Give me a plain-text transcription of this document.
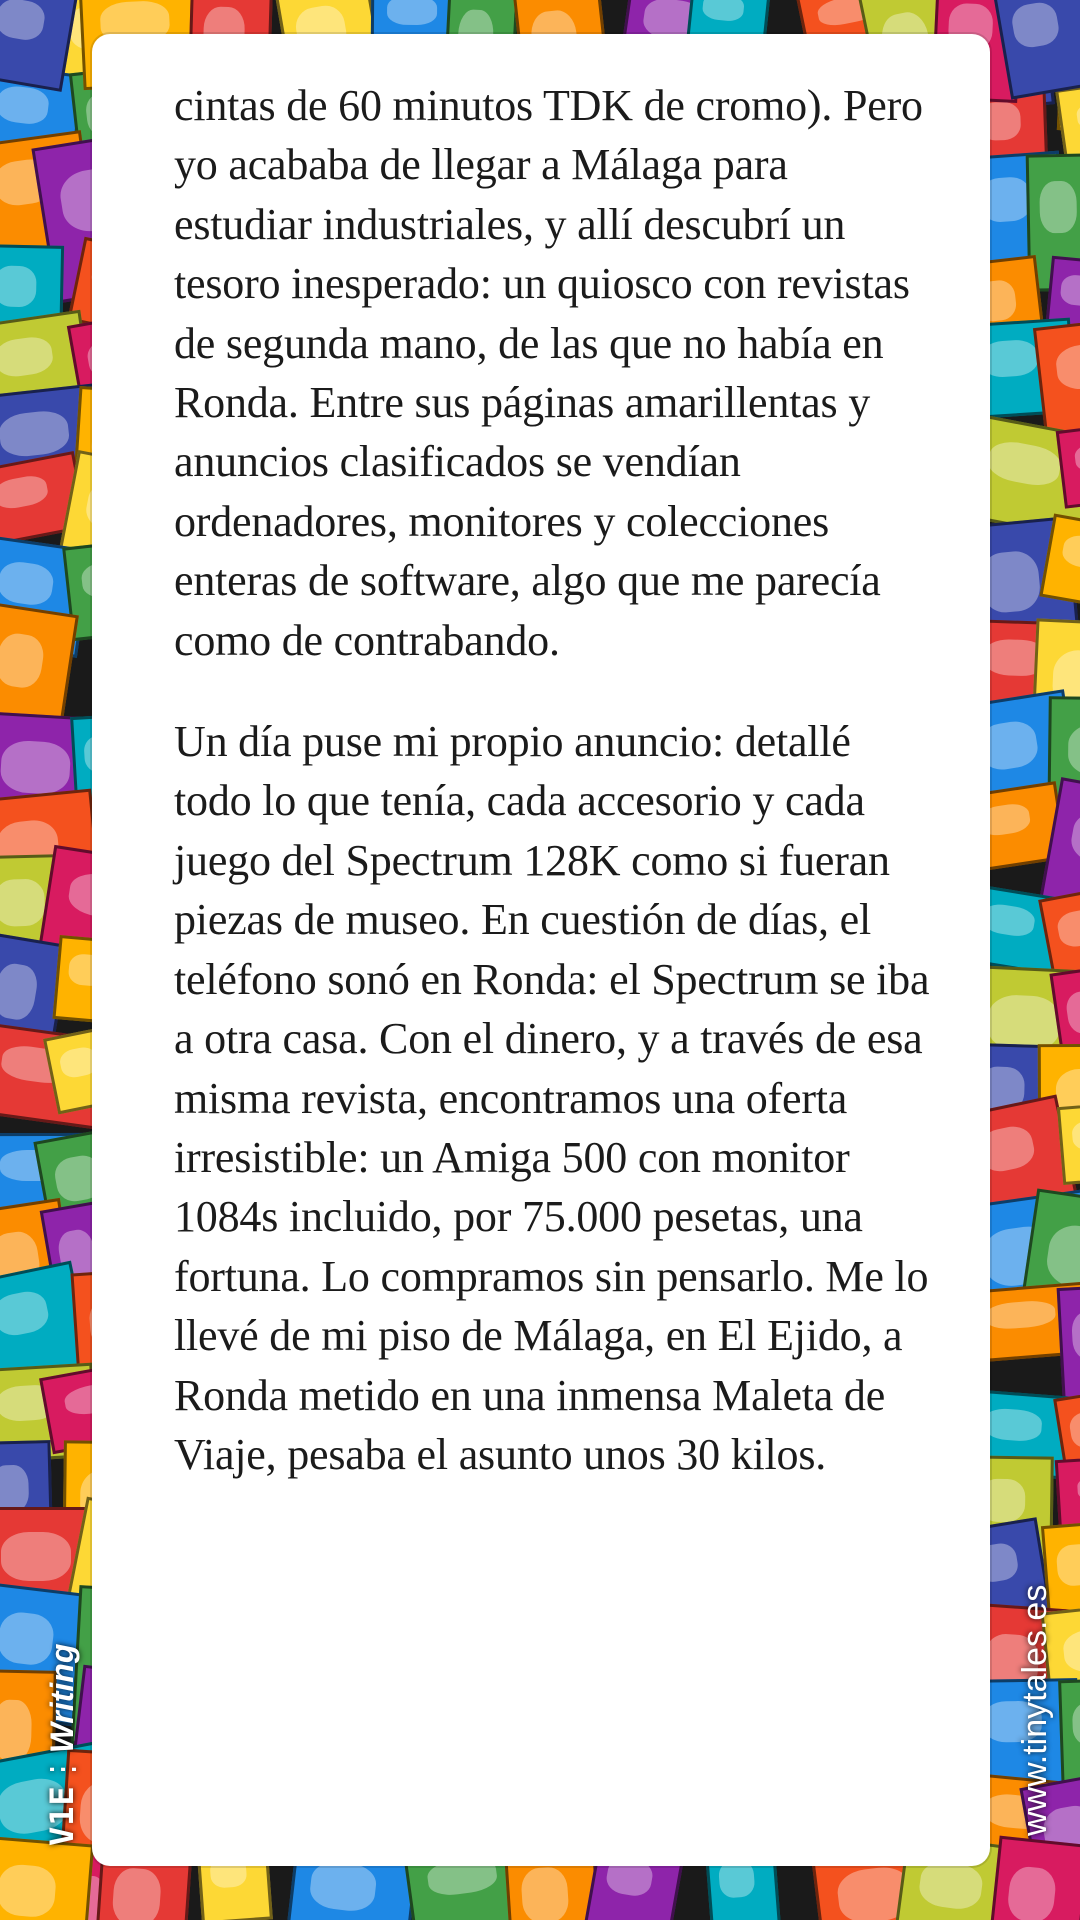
cintas de 60 minutos TDK de cromo). Pero yo acababa de llegar a Málaga para estudiar industriales, y allí descubrí un tesoro inesperado: un quiosco con revistas de segunda mano, de las que no había en Ronda. Entre sus páginas amarillentas y anuncios clasificados se vendían ordenadores, monitores y colecciones enteras de software, algo que me parecía como de contrabando.

Un día puse mi propio anuncio: detallé todo lo que tenía, cada accesorio y cada juego del Spectrum 128K como si fueran piezas de museo. En cuestión de días, el teléfono sonó en Ronda: el Spectrum se iba a otra casa. Con el dinero, y a través de esa misma revista, encontramos una oferta irresistible: un Amiga 500 con monitor 1084s incluido, por 75.000 pesetas, una fortuna. Lo compramos sin pensarlo. Me lo llevé de mi piso de Málaga, en El Ejido, a Ronda metido en una inmensa Maleta de Viaje, pesaba el asunto unos 30 kilos.

V1E⋮Writing	www.tinytales.es
